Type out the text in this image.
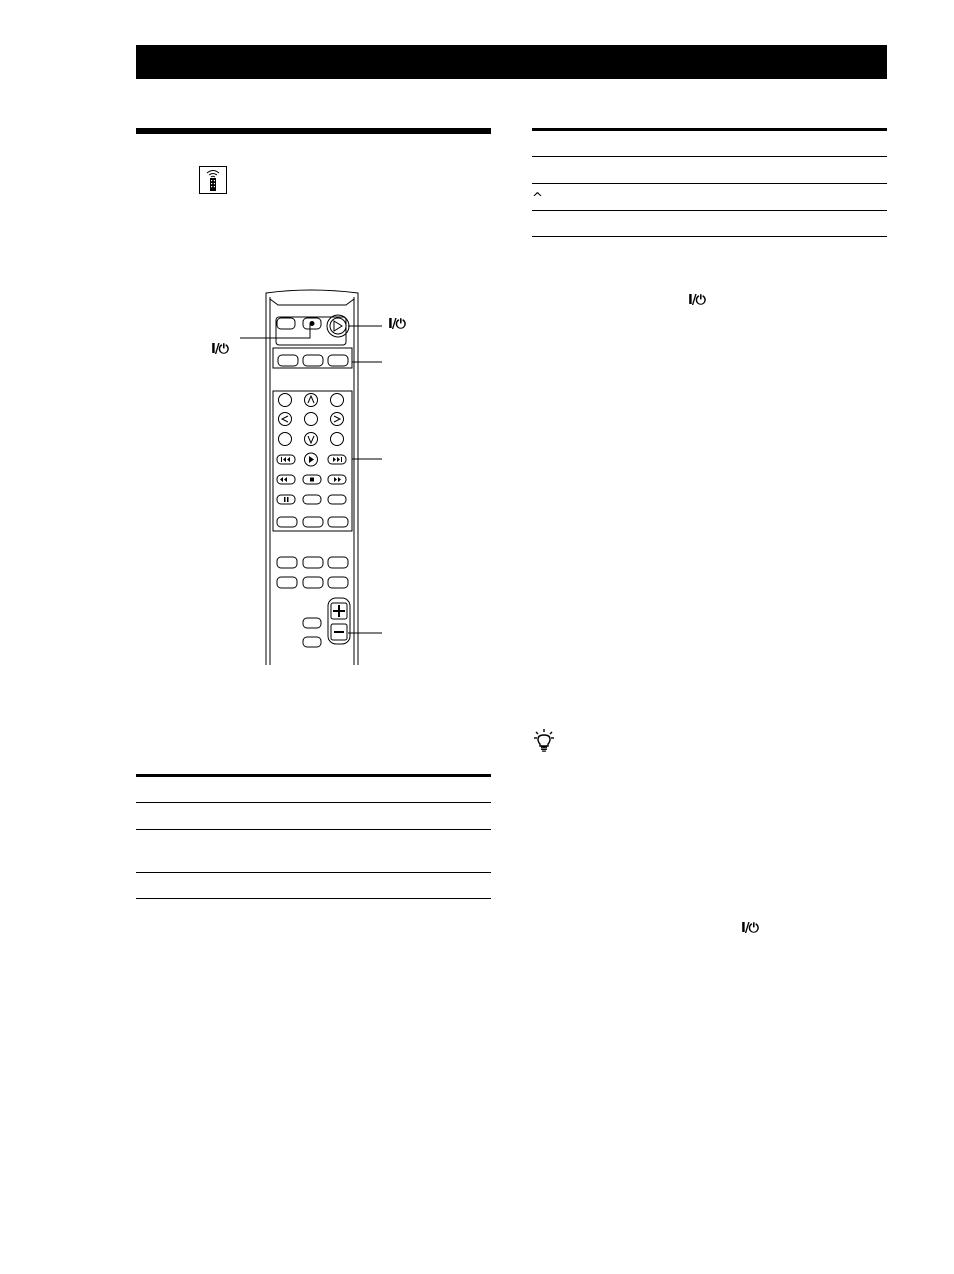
I/⏻
I/⏻
^
I/⏻
I/⏻
